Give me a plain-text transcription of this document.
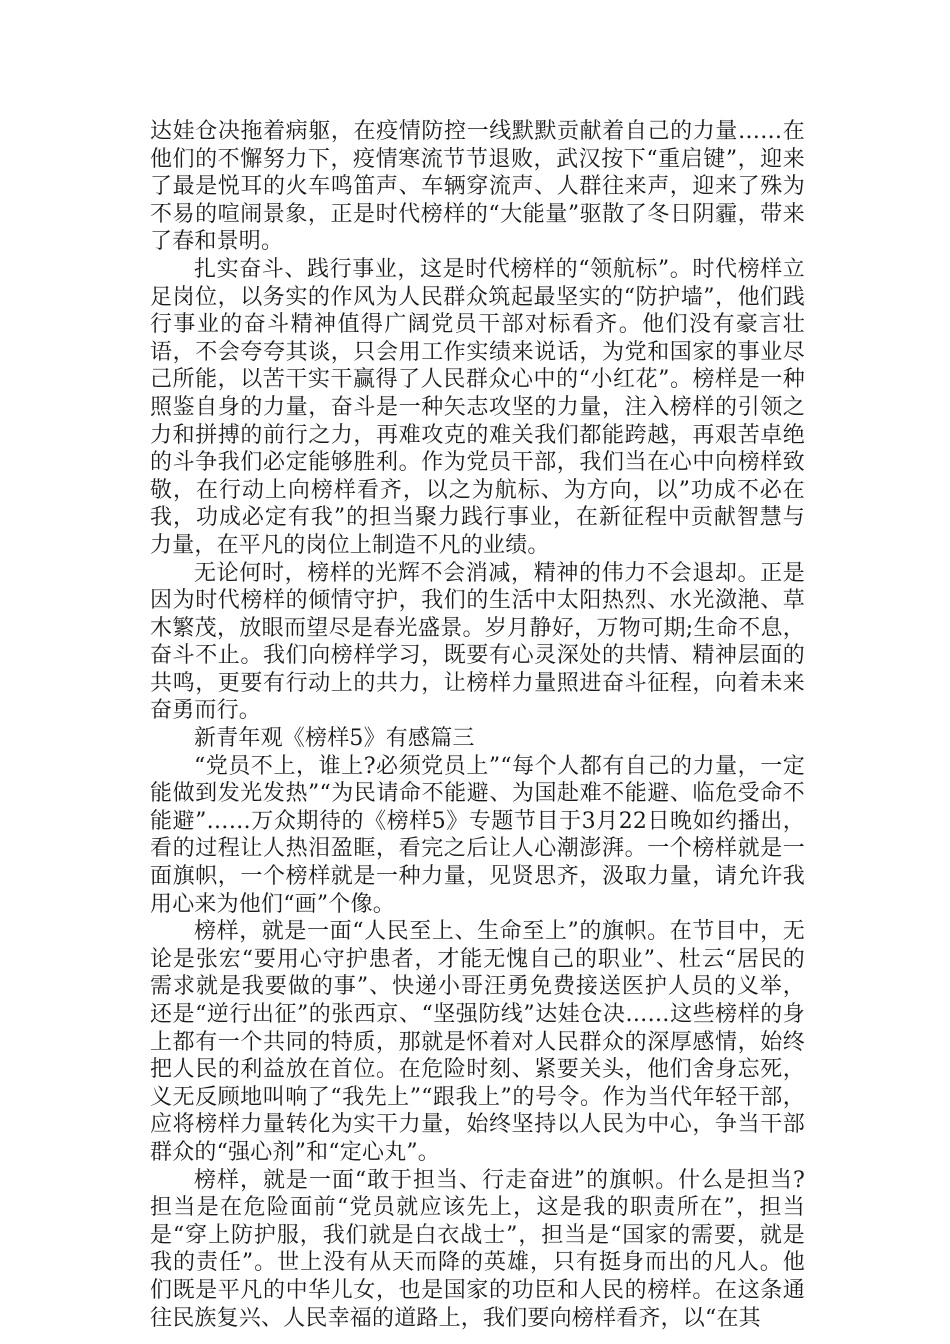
达娃仓决拖着病躯，在疫情防控一线默默贡献着自己的力量……在他们的不懈努力下，疫情寒流节节退败，武汉按下“重启键”，迎来了最是悦耳的火车鸣笛声、车辆穿流声、人群往来声，迎来了殊为不易的喧闹景象，正是时代榜样的“大能量”驱散了冬日阴霾，带来了春和景明。

扎实奋斗、践行事业，这是时代榜样的“领航标”。时代榜样立足岗位，以务实的作风为人民群众筑起最坚实的“防护墙”，他们践行事业的奋斗精神值得广阔党员干部对标看齐。他们没有豪言壮语，不会夸夸其谈，只会用工作实绩来说话，为党和国家的事业尽己所能，以苦干实干赢得了人民群众心中的“小红花”。榜样是一种照鉴自身的力量，奋斗是一种矢志攻坚的力量，注入榜样的引领之力和拼搏的前行之力，再难攻克的难关我们都能跨越，再艰苦卓绝的斗争我们必定能够胜利。作为党员干部，我们当在心中向榜样致敬，在行动上向榜样看齐，以之为航标、为方向，以”功成不必在我，功成必定有我”的担当聚力践行事业，在新征程中贡献智慧与力量，在平凡的岗位上制造不凡的业绩。

无论何时，榜样的光辉不会消减，精神的伟力不会退却。正是因为时代榜样的倾情守护，我们的生活中太阳热烈、水光潋滟、草木繁茂，放眼而望尽是春光盛景。岁月静好，万物可期;生命不息，奋斗不止。我们向榜样学习，既要有心灵深处的共情、精神层面的共鸣，更要有行动上的共力，让榜样力量照进奋斗征程，向着未来奋勇而行。

新青年观《榜样5》有感篇三

“党员不上，谁上?必须党员上”“每个人都有自己的力量，一定能做到发光发热”“为民请命不能避、为国赴难不能避、临危受命不能避”……万众期待的《榜样5》专题节目于3月22日晚如约播出，看的过程让人热泪盈眶，看完之后让人心潮澎湃。一个榜样就是一面旗帜，一个榜样就是一种力量，见贤思齐，汲取力量，请允许我用心来为他们“画”个像。

榜样，就是一面“人民至上、生命至上”的旗帜。在节目中，无论是张宏“要用心守护患者，才能无愧自己的职业”、杜云“居民的需求就是我要做的事”、快递小哥汪勇免费接送医护人员的义举，还是“逆行出征”的张西京、“坚强防线”达娃仓决……这些榜样的身上都有一个共同的特质，那就是怀着对人民群众的深厚感情，始终把人民的利益放在首位。在危险时刻、紧要关头，他们舍身忘死，义无反顾地叫响了“我先上”“跟我上”的号令。作为当代年轻干部，应将榜样力量转化为实干力量，始终坚持以人民为中心，争当干部群众的“强心剂”和“定心丸”。

榜样，就是一面“敢于担当、行走奋进”的旗帜。什么是担当?担当是在危险面前“党员就应该先上，这是我的职责所在”，担当是“穿上防护服，我们就是白衣战士”，担当是“国家的需要，就是我的责任”。世上没有从天而降的英雄，只有挺身而出的凡人。他们既是平凡的中华儿女，也是国家的功臣和人民的榜样。在这条通往民族复兴、人民幸福的道路上，我们要向榜样看齐，以“在其
